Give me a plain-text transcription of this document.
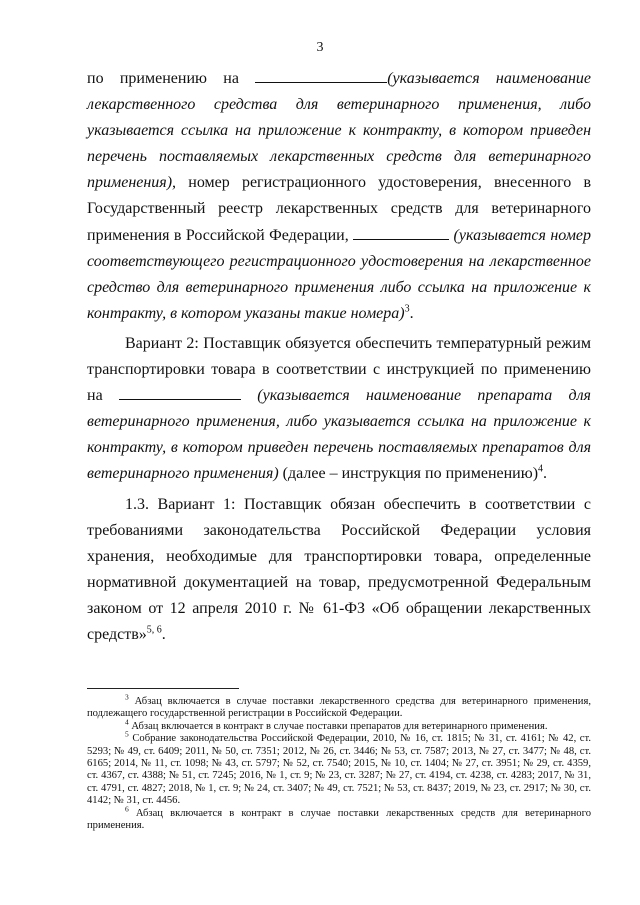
3

по применению на	(указывается наименование лекарственного средства для ветеринарного применения, либо указывается ссылка на приложение к контракту, в котором приведен перечень поставляемых лекарственных средств для ветеринарного применения), номер регистрационного удостоверения, внесенного в Государственный реестр лекарственных средств для ветеринарного применения в Российской Федерации,	(указывается номер соответствующего регистрационного удостоверения на лекарственное средство для ветеринарного применения либо ссылка на приложение к контракту, в котором указаны такие номера)$^3$.

Вариант 2: Поставщик обязуется обеспечить температурный режим транспортировки товара в соответствии с инструкцией по применению на	(указывается наименование препарата для ветеринарного применения, либо указывается ссылка на приложение к контракту, в котором приведен перечень поставляемых препаратов для ветеринарного применения) (далее – инструкция по применению)$^4$.

1.3. Вариант 1: Поставщик обязан обеспечить в соответствии с требованиями законодательства Российской Федерации условия хранения, необходимые для транспортировки товара, определенные нормативной документацией на товар, предусмотренной Федеральным законом от 12 апреля 2010 г. № 61-ФЗ «Об обращении лекарственных средств»$^{5, 6}$.

$^3$ Абзац включается в случае поставки лекарственного средства для ветеринарного применения, подлежащего государственной регистрации в Российской Федерации.

$^4$ Абзац включается в контракт в случае поставки препаратов для ветеринарного применения.

$^5$ Собрание законодательства Российской Федерации, 2010, № 16, ст. 1815; № 31, ст. 4161; № 42, ст. 5293; № 49, ст. 6409; 2011, № 50, ст. 7351; 2012, № 26, ст. 3446; № 53, ст. 7587; 2013, № 27, ст. 3477; № 48, ст. 6165; 2014, № 11, ст. 1098; № 43, ст. 5797; № 52, ст. 7540; 2015, № 10, ст. 1404; № 27, ст. 3951; № 29, ст. 4359, ст. 4367, ст. 4388; № 51, ст. 7245; 2016, № 1, ст. 9; № 23, ст. 3287; № 27, ст. 4194, ст. 4238, ст. 4283; 2017, № 31, ст. 4791, ст. 4827; 2018, № 1, ст. 9; № 24, ст. 3407; № 49, ст. 7521; № 53, ст. 8437; 2019, № 23, ст. 2917; № 30, ст. 4142; № 31, ст. 4456.

$^6$ Абзац включается в контракт в случае поставки лекарственных средств для ветеринарного применения.
